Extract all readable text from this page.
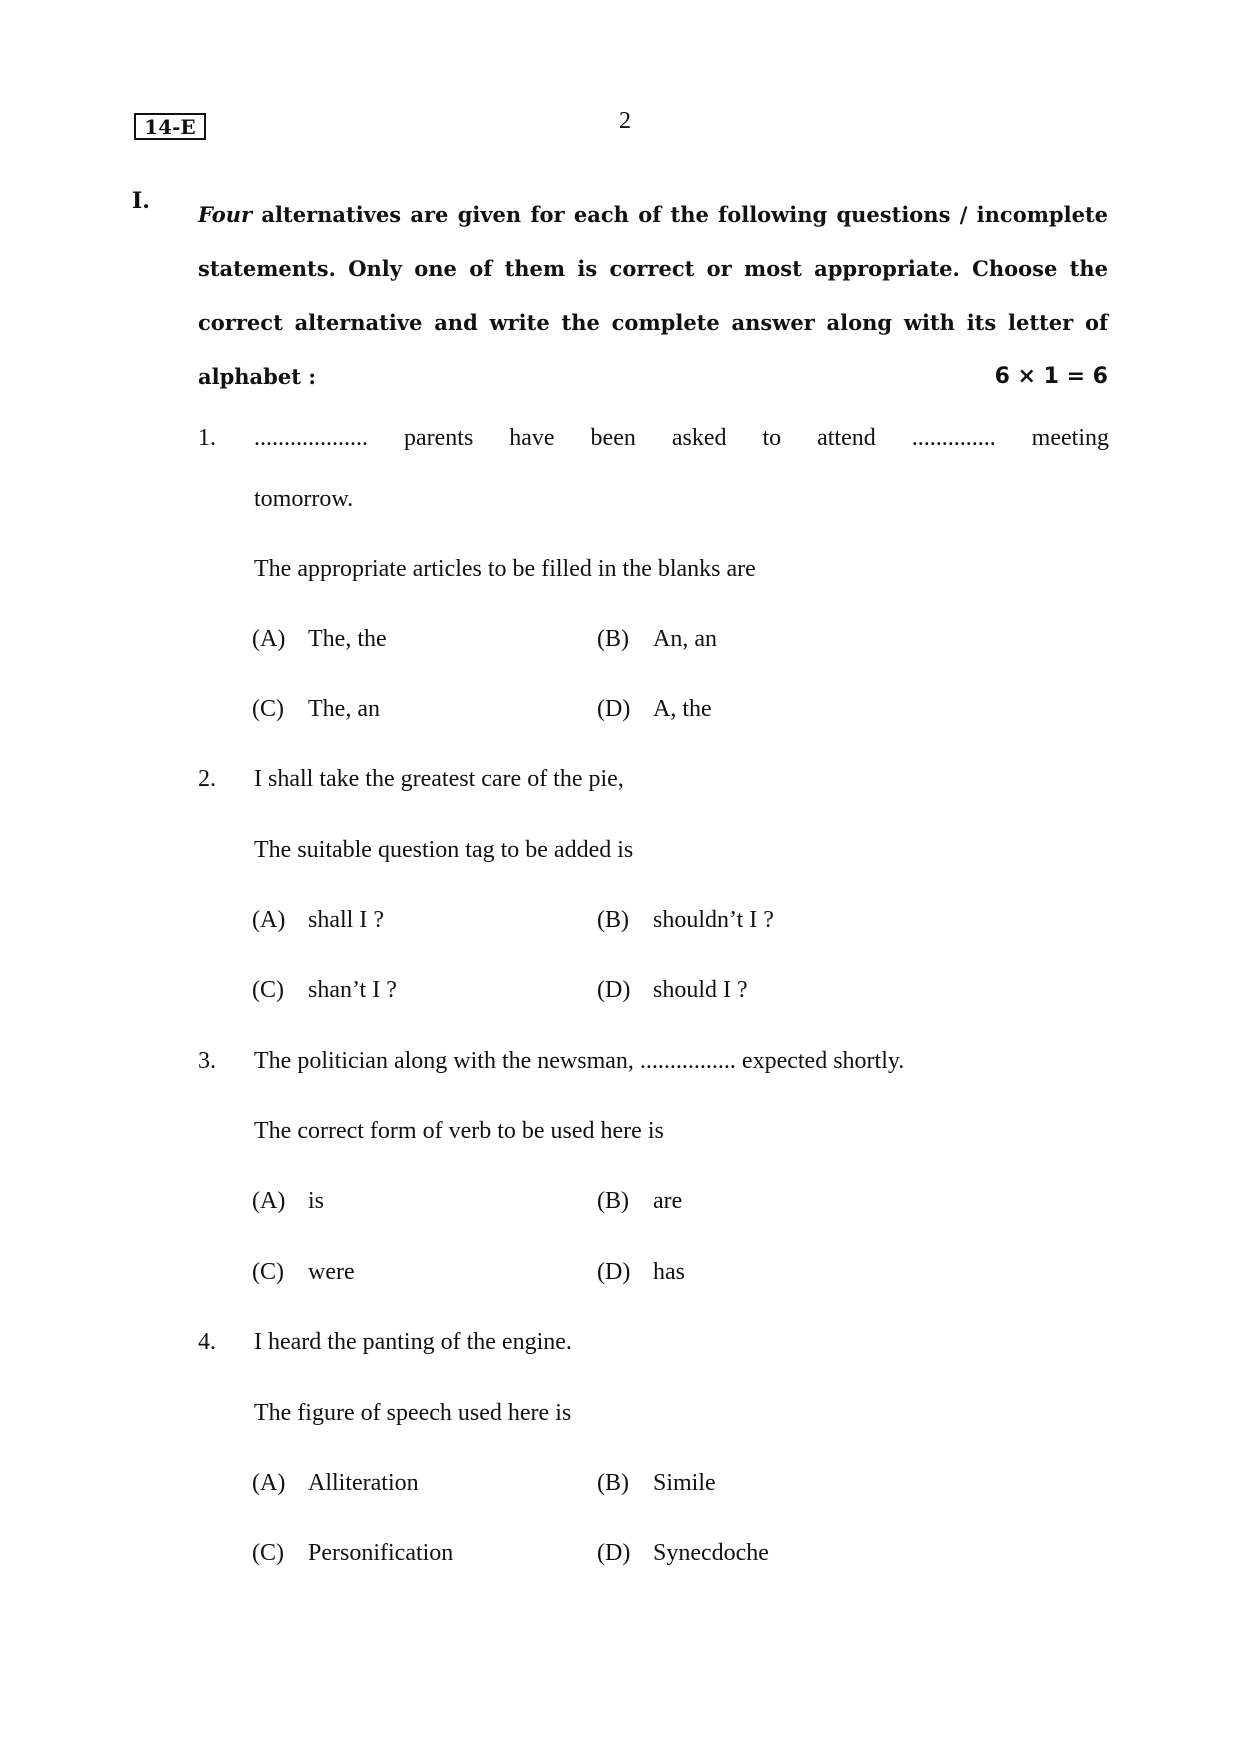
14-E	2
I.
Four alternatives are given for each of the following questions / incomplete statements. Only one of them is correct or most appropriate. Choose the correct alternative and write the complete answer along with its letter of alphabet :	6 × 1 = 6
1. ................... parents have been asked to attend .............. meeting
tomorrow.
The appropriate articles to be filled in the blanks are
(A) The, the	(B) An, an
(C) The, an	(D) A, the
2. I shall take the greatest care of the pie,
The suitable question tag to be added is
(A) shall I ?	(B) shouldn’t I ?
(C) shan’t I ?	(D) should I ?
3. The politician along with the newsman, ................ expected shortly.
The correct form of verb to be used here is
(A) is	(B) are
(C) were	(D) has
4. I heard the panting of the engine.
The figure of speech used here is
(A) Alliteration	(B) Simile
(C) Personification	(D) Synecdoche
